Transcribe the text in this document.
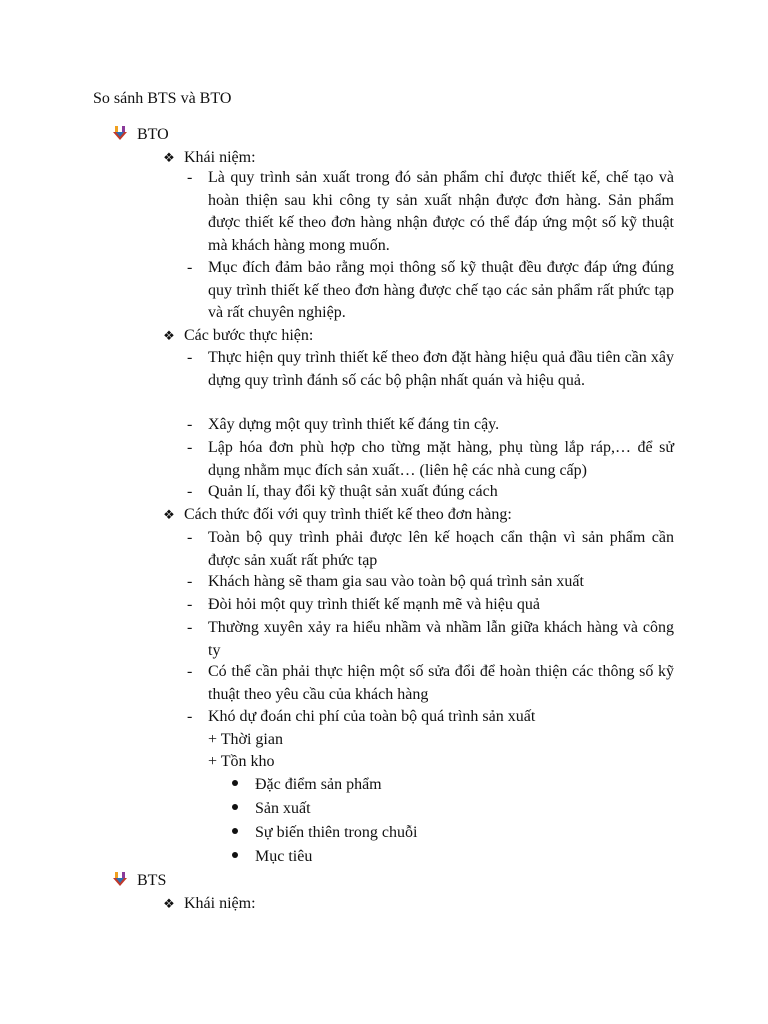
So sánh BTS và BTO
BTO
❖ Khái niệm:
- Là quy trình sản xuất trong đó sản phẩm chỉ được thiết kế, chế tạo và hoàn thiện sau khi công ty sản xuất nhận được đơn hàng. Sản phẩm được thiết kế theo đơn hàng nhận được có thể đáp ứng một số kỹ thuật mà khách hàng mong muốn.
- Mục đích đảm bảo rằng mọi thông số kỹ thuật đều được đáp ứng đúng quy trình thiết kế theo đơn hàng được chế tạo các sản phẩm rất phức tạp và rất chuyên nghiệp.
❖ Các bước thực hiện:
- Thực hiện quy trình thiết kế theo đơn đặt hàng hiệu quả đầu tiên cần xây dựng quy trình đánh số các bộ phận nhất quán và hiệu quả.
- Xây dựng một quy trình thiết kế đáng tin cậy.
- Lập hóa đơn phù hợp cho từng mặt hàng, phụ tùng lắp ráp,… để sử dụng nhằm mục đích sản xuất… (liên hệ các nhà cung cấp)
- Quản lí, thay đổi kỹ thuật sản xuất đúng cách
❖ Cách thức đối với quy trình thiết kế theo đơn hàng:
- Toàn bộ quy trình phải được lên kế hoạch cẩn thận vì sản phẩm cần được sản xuất rất phức tạp
- Khách hàng sẽ tham gia sau vào toàn bộ quá trình sản xuất
- Đòi hỏi một quy trình thiết kế mạnh mẽ và hiệu quả
- Thường xuyên xảy ra hiểu nhầm và nhầm lẫn giữa khách hàng và công ty
- Có thể cần phải thực hiện một số sửa đổi để hoàn thiện các thông số kỹ thuật theo yêu cầu của khách hàng
- Khó dự đoán chi phí của toàn bộ quá trình sản xuất
+ Thời gian
+ Tồn kho
Đặc điểm sản phẩm
Sản xuất
Sự biến thiên trong chuỗi
Mục tiêu
BTS
❖ Khái niệm:
